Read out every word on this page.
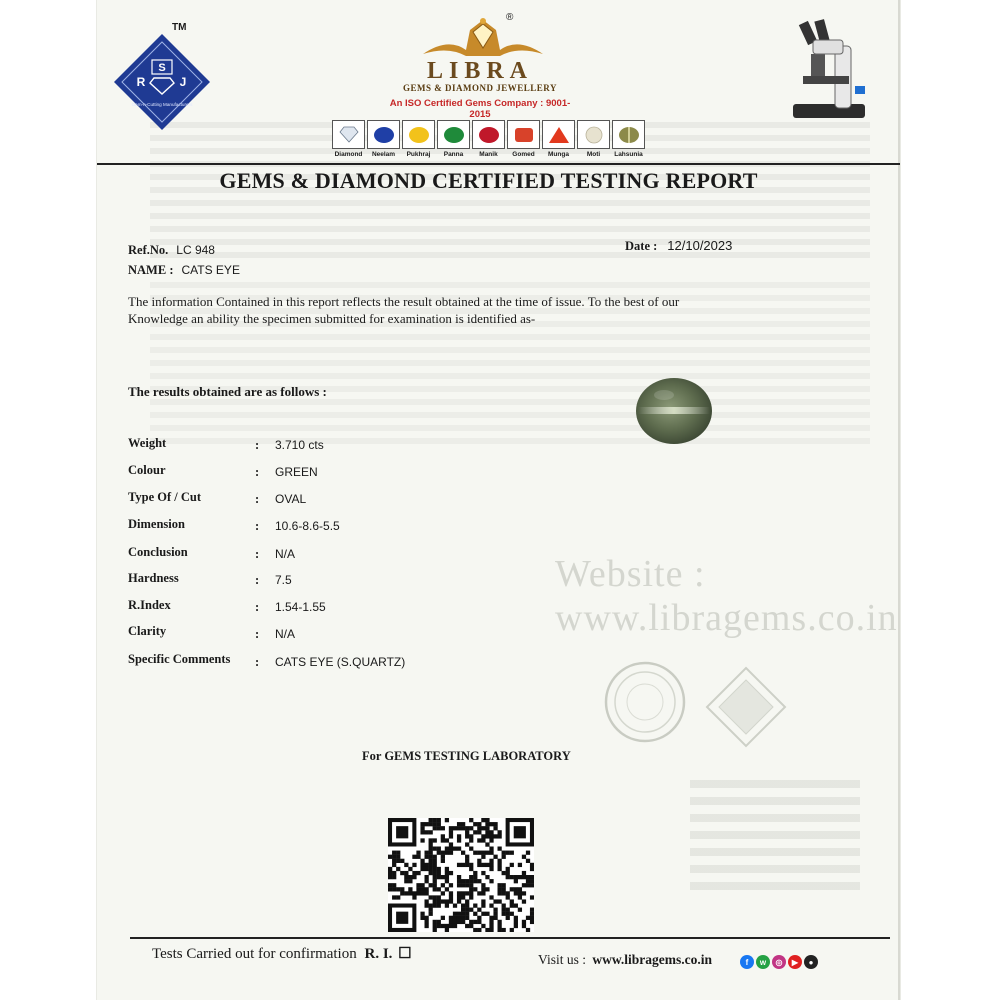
S
R	J
Gem-n-Cutting Manufacturers
TM
®
LIBRA
GEMS & DIAMOND JEWELLERY
An ISO Certified Gems Company : 9001-2015
Diamond Neelam Pukhraj Panna Manik Gomed Munga	Moti Lahsunia
GEMS & DIAMOND CERTIFIED TESTING REPORT
Ref.No. LC 948
NAME : CATS EYE
Date : 12/10/2023
The information Contained in this report reflects the result obtained at the time of issue. To the best of our
Knowledge an ability the specimen submitted for examination is identified as-
The results obtained are as follows :
Weight	: 3.710 cts
Colour	: GREEN
Type Of / Cut	: OVAL
Dimension	: 10.6-8.6-5.5
Conclusion	: N/A
Hardness	: 7.5
R.Index	: 1.54-1.55
Clarity	: N/A
Specific Comments : CATS EYE (S.QUARTZ)
Website : www.libragems.co.in
For GEMS TESTING LABORATORY
Tests Carried out for confirmation R. I. ☐	Visit us : www.libragems.co.in	f	w	◎	▶	●
